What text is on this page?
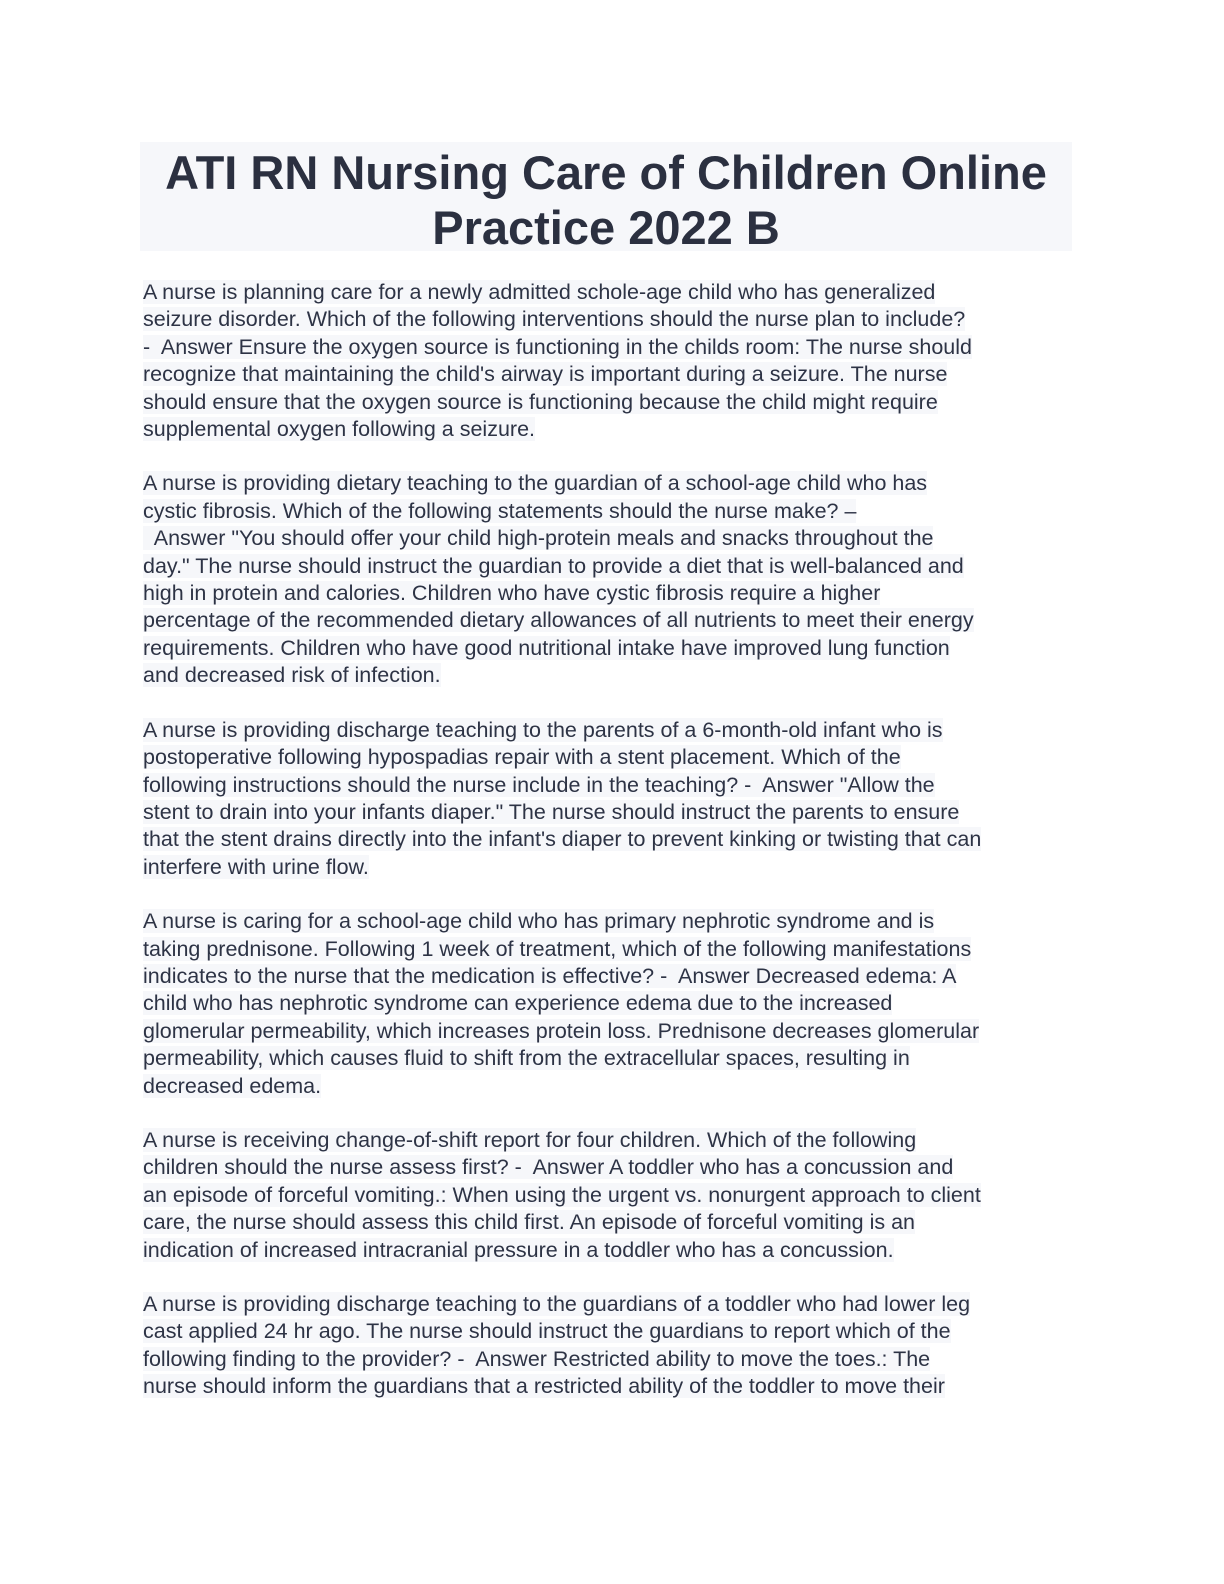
ATI RN Nursing Care of Children Online
Practice 2022 B

A nurse is planning care for a newly admitted schole-age child who has generalized
seizure disorder. Which of the following interventions should the nurse plan to include?
-  Answer Ensure the oxygen source is functioning in the childs room: The nurse should
recognize that maintaining the child's airway is important during a seizure. The nurse
should ensure that the oxygen source is functioning because the child might require
supplemental oxygen following a seizure.

A nurse is providing dietary teaching to the guardian of a school-age child who has
cystic fibrosis. Which of the following statements should the nurse make? –
Answer "You should offer your child high-protein meals and snacks throughout the
day." The nurse should instruct the guardian to provide a diet that is well-balanced and
high in protein and calories. Children who have cystic fibrosis require a higher
percentage of the recommended dietary allowances of all nutrients to meet their energy
requirements. Children who have good nutritional intake have improved lung function
and decreased risk of infection.

A nurse is providing discharge teaching to the parents of a 6-month-old infant who is
postoperative following hypospadias repair with a stent placement. Which of the
following instructions should the nurse include in the teaching? -  Answer "Allow the
stent to drain into your infants diaper." The nurse should instruct the parents to ensure
that the stent drains directly into the infant's diaper to prevent kinking or twisting that can
interfere with urine flow.

A nurse is caring for a school-age child who has primary nephrotic syndrome and is
taking prednisone. Following 1 week of treatment, which of the following manifestations
indicates to the nurse that the medication is effective? -  Answer Decreased edema: A
child who has nephrotic syndrome can experience edema due to the increased
glomerular permeability, which increases protein loss. Prednisone decreases glomerular
permeability, which causes fluid to shift from the extracellular spaces, resulting in
decreased edema.

A nurse is receiving change-of-shift report for four children. Which of the following
children should the nurse assess first? -  Answer A toddler who has a concussion and
an episode of forceful vomiting.: When using the urgent vs. nonurgent approach to client
care, the nurse should assess this child first. An episode of forceful vomiting is an
indication of increased intracranial pressure in a toddler who has a concussion.

A nurse is providing discharge teaching to the guardians of a toddler who had lower leg
cast applied 24 hr ago. The nurse should instruct the guardians to report which of the
following finding to the provider? -  Answer Restricted ability to move the toes.: The
nurse should inform the guardians that a restricted ability of the toddler to move their
